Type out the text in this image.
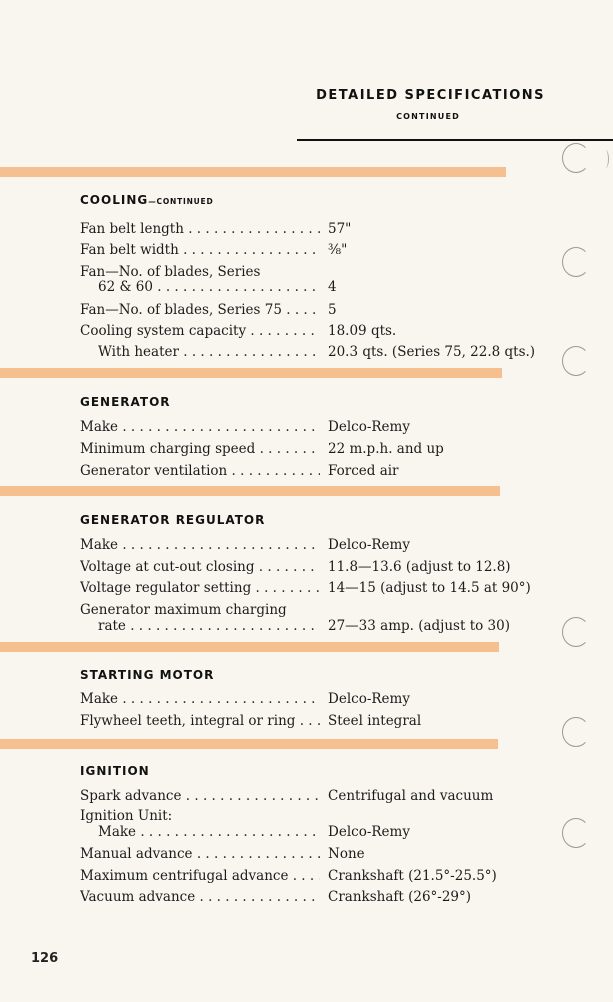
DETAILED SPECIFICATIONS
CONTINUED
COOLING—CONTINUED
Fan belt length . . .	57"
Fan belt width . . .	⅜"
Fan—No. of blades, Series
62 & 60 . . .	4
Fan—No. of blades, Series 75 . . .	5
Cooling system capacity . . .	18.09 qts.
With heater . . .	20.3 qts. (Series 75, 22.8 qts.)
GENERATOR
Make . . .	Delco-Remy
Minimum charging speed . . .	22 m.p.h. and up
Generator ventilation . . .	Forced air
GENERATOR REGULATOR
Make . . .	Delco-Remy
Voltage at cut-out closing . . .	11.8—13.6 (adjust to 12.8)
Voltage regulator setting . . .	14—15 (adjust to 14.5 at 90°)
Generator maximum charging
rate . . .	27—33 amp. (adjust to 30)
STARTING MOTOR
Make . . .	Delco-Remy
Flywheel teeth, integral or ring . . .	Steel integral
IGNITION
Spark advance . . .	Centrifugal and vacuum
Ignition Unit:
Make . . .	Delco-Remy
Manual advance . . .	None
Maximum centrifugal advance . . .	Crankshaft (21.5°-25.5°)
Vacuum advance . . .	Crankshaft (26°-29°)
126
